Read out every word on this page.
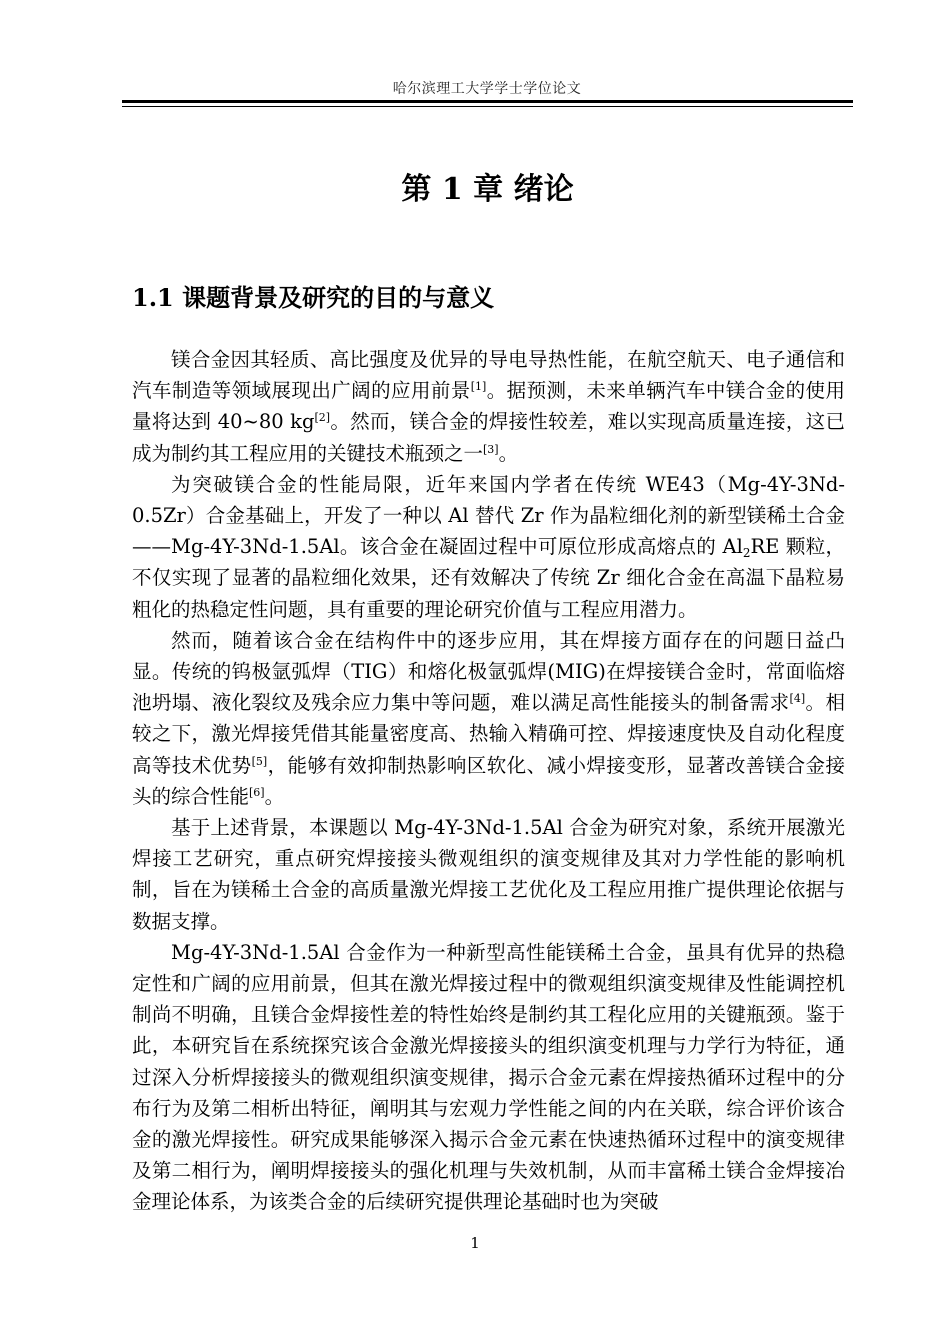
哈尔滨理工大学学士学位论文
第 1 章 绪论
1.1 课题背景及研究的目的与意义

镁合金因其轻质、高比强度及优异的导电导热性能，在航空航天、电子通信和汽车制造等领域展现出广阔的应用前景[1]。据预测，未来单辆汽车中镁合金的使用量将达到 40~80 kg[2]。然而，镁合金的焊接性较差，难以实现高质量连接，这已成为制约其工程应用的关键技术瓶颈之一[3]。

为突破镁合金的性能局限，近年来国内学者在传统 WE43（Mg-4Y-3Nd-0.5Zr）合金基础上，开发了一种以 Al 替代 Zr 作为晶粒细化剂的新型镁稀土合金——Mg-4Y-3Nd-1.5Al。该合金在凝固过程中可原位形成高熔点的 $Al_2RE$ 颗粒，不仅实现了显著的晶粒细化效果，还有效解决了传统 Zr 细化合金在高温下晶粒易粗化的热稳定性问题，具有重要的理论研究价值与工程应用潜力。

然而，随着该合金在结构件中的逐步应用，其在焊接方面存在的问题日益凸显。传统的钨极氩弧焊（TIG）和熔化极氩弧焊(MIG)在焊接镁合金时，常面临熔池坍塌、液化裂纹及残余应力集中等问题，难以满足高性能接头的制备需求[4]。相较之下，激光焊接凭借其能量密度高、热输入精确可控、焊接速度快及自动化程度高等技术优势[5]，能够有效抑制热影响区软化、减小焊接变形，显著改善镁合金接头的综合性能[6]。

基于上述背景，本课题以 Mg-4Y-3Nd-1.5Al 合金为研究对象，系统开展激光焊接工艺研究，重点研究焊接接头微观组织的演变规律及其对力学性能的影响机制，旨在为镁稀土合金的高质量激光焊接工艺优化及工程应用推广提供理论依据与数据支撑。

Mg-4Y-3Nd-1.5Al 合金作为一种新型高性能镁稀土合金，虽具有优异的热稳定性和广阔的应用前景，但其在激光焊接过程中的微观组织演变规律及性能调控机制尚不明确，且镁合金焊接性差的特性始终是制约其工程化应用的关键瓶颈。鉴于此，本研究旨在系统探究该合金激光焊接接头的组织演变机理与力学行为特征，通过深入分析焊接接头的微观组织演变规律，揭示合金元素在焊接热循环过程中的分布行为及第二相析出特征，阐明其与宏观力学性能之间的内在关联，综合评价该合金的激光焊接性。研究成果能够深入揭示合金元素在快速热循环过程中的演变规律及第二相行为，阐明焊接接头的强化机理与失效机制，从而丰富稀土镁合金焊接冶金理论体系，为该类合金的后续研究提供理论基础时也为突破

1
